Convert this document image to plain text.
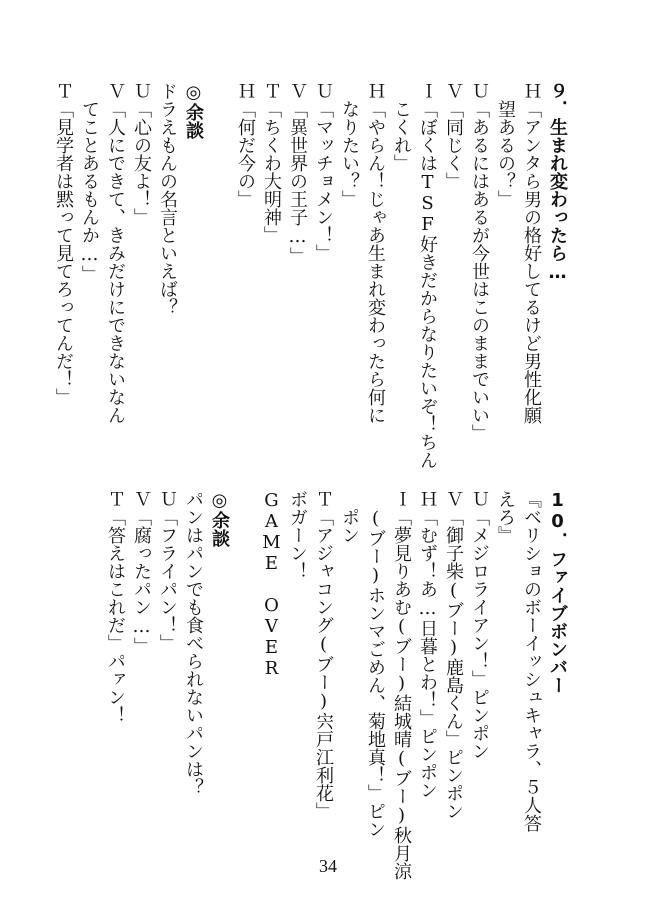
９．生まれ変わったら…
Ｈ「アンタら男の格好してるけど男性化願
　望あるの？」
Ｕ「あるにはあるが今世はこのままでいい」
Ｖ「同じく」
Ｉ「ぼくはTSF好きだからなりたいぞ！ちん
　こくれ」
Ｈ「やらん！じゃあ生まれ変わったら何に
　なりたい？」
Ｕ「マッチョメン！」
Ｖ「異世界の王子…」
Ｔ「ちくわ大明神」
Ｈ「何だ今の」
◎余談
ドラえもんの名言といえば？
Ｕ「心の友よ！」
Ｖ「人にできて、きみだけにできないなん
　てことあるもんか…」
Ｔ「見学者は黙って見てろってんだ！」
10．ファイブボンバー
『ベリショのボーイッシュキャラ、５人答
えろ』
Ｕ「メジロライアン！」ピンポン
Ｖ「御子柴(ブー)鹿島くん」ピンポン
Ｈ「むず！あ…日暮とわ！」ピンポン
Ｉ「夢見りあむ(ブー)結城晴(ブー)秋月涼
　(ブー)ホンマごめん、菊地真！」ピン
　ポン
Ｔ「アジャコング(ブー)宍戸江利花」
ボガーン！
GAME OVER
◎余談
パンはパンでも食べられないパンは？
Ｕ「フライパン！」
Ｖ「腐ったパン…」
Ｔ「答えはこれだ」パァン！
34
